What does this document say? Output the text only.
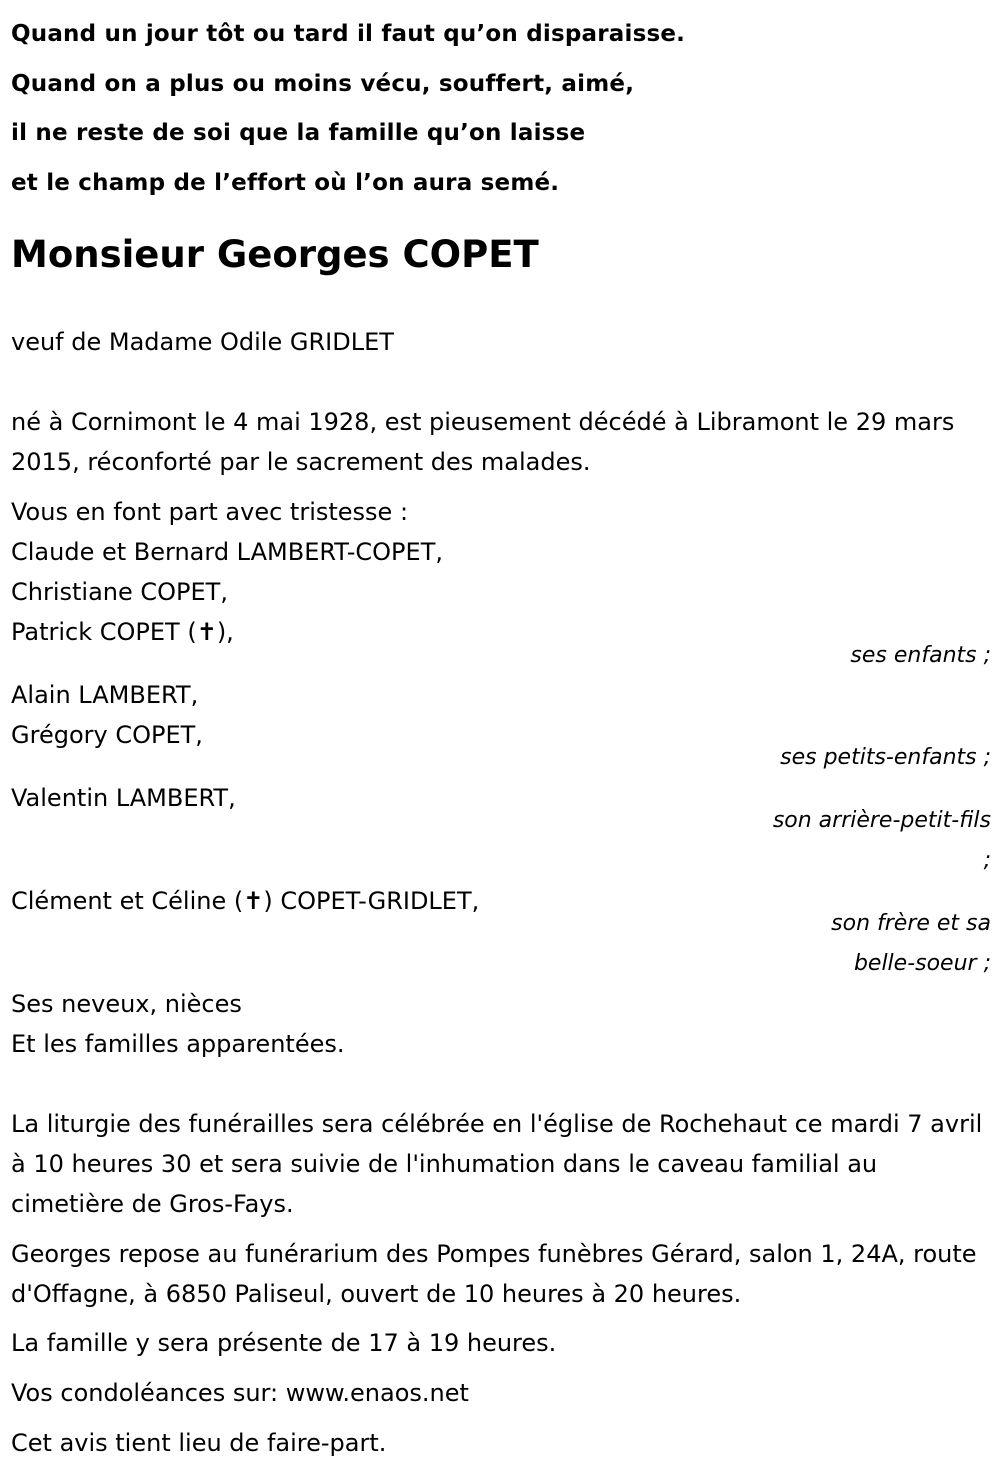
Quand un jour tôt ou tard il faut qu’on disparaisse.
Quand on a plus ou moins vécu, souffert, aimé,
il ne reste de soi que la famille qu’on laisse
et le champ de l’effort où l’on aura semé.
Monsieur Georges COPET
veuf de Madame Odile GRIDLET
né à Cornimont le 4 mai 1928, est pieusement décédé à Libramont le 29 mars 2015, réconforté par le sacrement des malades.
Vous en font part avec tristesse :
Claude et Bernard LAMBERT-COPET,
Christiane COPET,
Patrick COPET (✝),
ses enfants ;
Alain LAMBERT,
Grégory COPET,
ses petits-enfants ;
Valentin LAMBERT,
son arrière-petit-fils
;
Clément et Céline (✝) COPET-GRIDLET,
son frère et sa
belle-soeur ;
Ses neveux, nièces
Et les familles apparentées.
La liturgie des funérailles sera célébrée en l'église de Rochehaut ce mardi 7 avril à 10 heures 30 et sera suivie de l'inhumation dans le caveau familial au cimetière de Gros-Fays.
Georges repose au funérarium des Pompes funèbres Gérard, salon 1, 24A, route d'Offagne, à 6850 Paliseul, ouvert de 10 heures à 20 heures.
La famille y sera présente de 17 à 19 heures.
Vos condoléances sur: www.enaos.net
Cet avis tient lieu de faire-part.
